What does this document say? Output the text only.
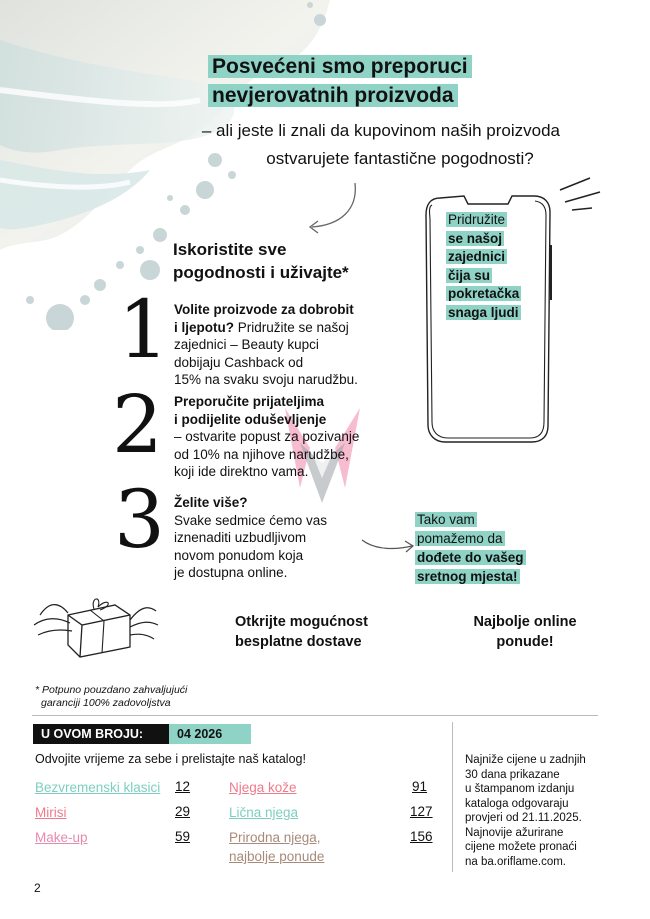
Posvećeni smo preporuci
nevjerovatnih proizvoda
– ali jeste li znali da kupovinom naših proizvoda
ostvarujete fantastične pogodnosti?
Iskoristite sve
pogodnosti i uživajte*
1 Volite proizvode za dobrobit
i ljepotu? Pridružite se našoj
zajednici – Beauty kupci
dobijaju Cashback od
15% na svaku svoju narudžbu.
2 Preporučite prijateljima
i podijelite oduševljenje
– ostvarite popust za pozivanje
od 10% na njihove narudžbe,
koji ide direktno vama.
3 Želite više?
Svake sedmice ćemo vas
iznenaditi uzbudljivom
novom ponudom koja
je dostupna online.
Pridružite
se našoj
zajednici
čija su
pokretačka
snaga ljudi
Tako vam
pomažemo da
dođete do vašeg
sretnog mjesta!
Otkrijte mogućnost
besplatne dostave
Najbolje online
ponude!
* Potpuno pouzdano zahvaljujući
garanciji 100% zadovoljstva
U OVOM BROJU:	04 2026
Odvojite vrijeme za sebe i prelistajte naš katalog!
Bezvremenski klasici 12
Mirisi	29
Make-up	59
Njega kože	91
Lična njega	127
Prirodna njega,
najbolje ponude
156
Najniže cijene u zadnjih
30 dana prikazane
u štampanom izdanju
kataloga odgovaraju
provjeri od 21.11.2025.
Najnovije ažurirane
cijene možete pronaći
na ba.oriflame.com.
2
